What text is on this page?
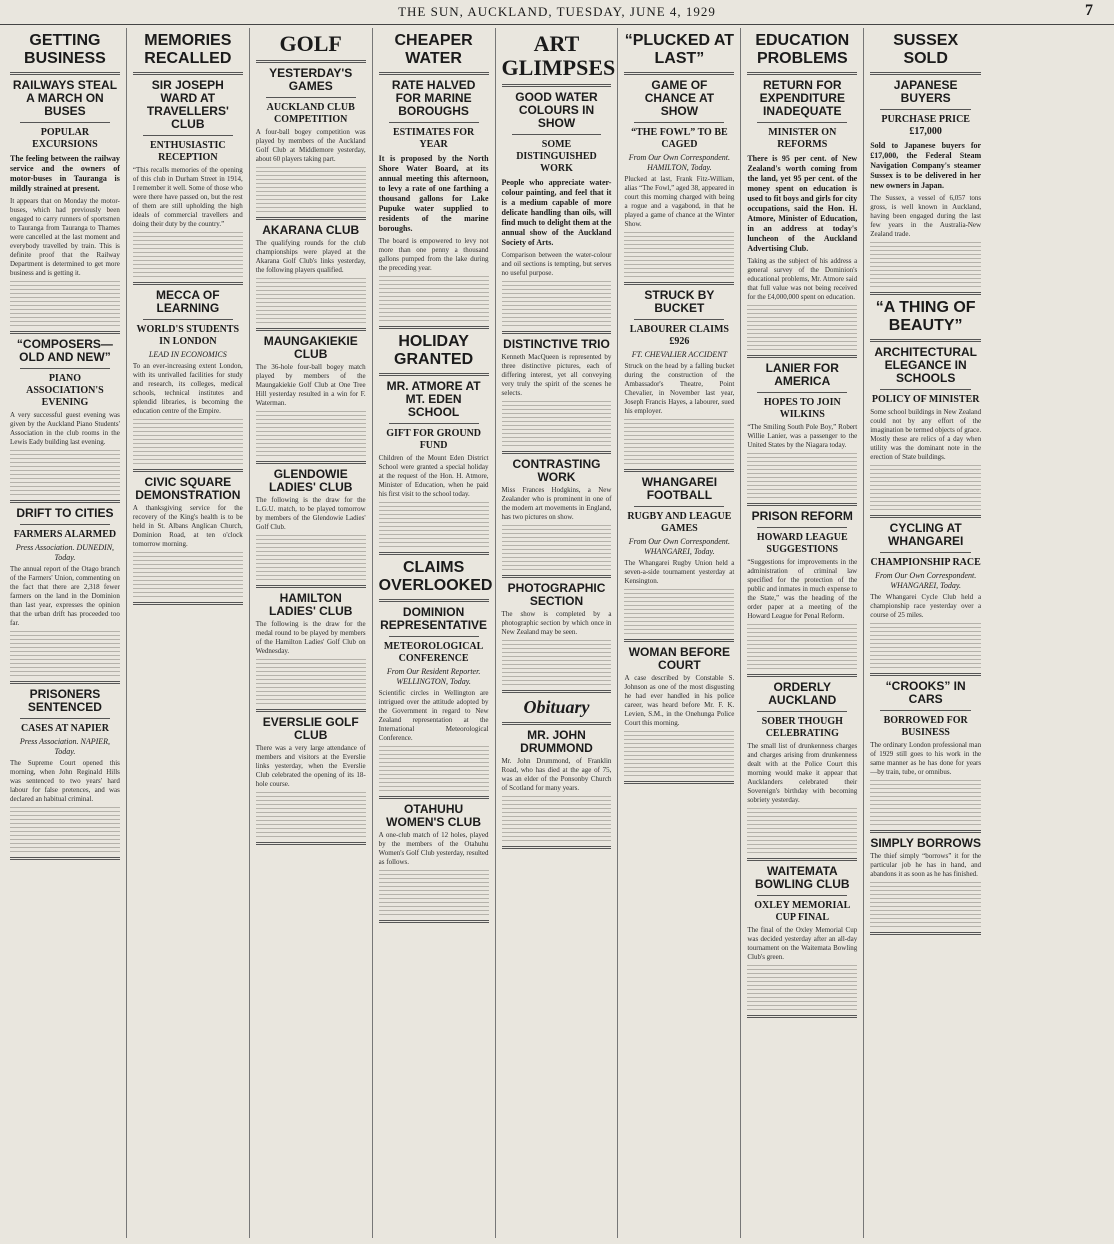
THE SUN, AUCKLAND, TUESDAY, JUNE 4, 1929	7
GETTING BUSINESS
RAILWAYS STEAL A MARCH ON BUSES
POPULAR EXCURSIONS

The feeling between the railway service and the owners of motor-buses in Tauranga is mildly strained at present.

It appears that on Monday the motor-buses, which had previously been engaged to carry runners of sportsmen to Tauranga from Tauranga to Thames were cancelled at the last moment and everybody travelled by train. This is definite proof that the Railway Department is determined to get more business and is getting it.

“COMPOSERS—OLD AND NEW”
PIANO ASSOCIATION'S EVENING

A very successful guest evening was given by the Auckland Piano Students' Association in the club rooms in the Lewis Eady building last evening.

DRIFT TO CITIES
FARMERS ALARMED
Press Association. DUNEDIN, Today.

The annual report of the Otago branch of the Farmers' Union, commenting on the fact that there are 2,318 fewer farmers on the land in the Dominion than last year, expresses the opinion that the urban drift has proceeded too far.

PRISONERS SENTENCED
CASES AT NAPIER
Press Association. NAPIER, Today.

The Supreme Court opened this morning, when John Reginald Hills was sentenced to two years' hard labour for false pretences, and was declared an habitual criminal.

MEMORIES RECALLED
SIR JOSEPH WARD AT TRAVELLERS' CLUB
ENTHUSIASTIC RECEPTION

“This recalls memories of the opening of this club in Durham Street in 1914, I remember it well. Some of those who were there have passed on, but the rest of them are still upholding the high ideals of commercial travellers and doing their duty by the country.”

MECCA OF LEARNING
WORLD'S STUDENTS IN LONDON
LEAD IN ECONOMICS

To an ever-increasing extent London, with its unrivalled facilities for study and research, its colleges, medical schools, technical institutes and splendid libraries, is becoming the education centre of the Empire.

CIVIC SQUARE DEMONSTRATION

A thanksgiving service for the recovery of the King's health is to be held in St. Albans Anglican Church, Dominion Road, at ten o'clock tomorrow morning.

GOLF
YESTERDAY'S GAMES
AUCKLAND CLUB COMPETITION

A four-ball bogey competition was played by members of the Auckland Golf Club at Middlemore yesterday, about 60 players taking part.

AKARANA CLUB

The qualifying rounds for the club championships were played at the Akarana Golf Club's links yesterday, the following players qualified.

MAUNGAKIEKIE CLUB

The 36-hole four-ball bogey match played by members of the Maungakiekie Golf Club at One Tree Hill yesterday resulted in a win for F. Waterman.

GLENDOWIE LADIES' CLUB

The following is the draw for the L.G.U. match, to be played tomorrow by members of the Glendowie Ladies' Golf Club.

HAMILTON LADIES' CLUB

The following is the draw for the medal round to be played by members of the Hamilton Ladies' Golf Club on Wednesday.

EVERSLIE GOLF CLUB

There was a very large attendance of members and visitors at the Everslie links yesterday, when the Everslie Club celebrated the opening of its 18-hole course.

CHEAPER WATER
RATE HALVED FOR MARINE BOROUGHS
ESTIMATES FOR YEAR

It is proposed by the North Shore Water Board, at its annual meeting this afternoon, to levy a rate of one farthing a thousand gallons for Lake Pupuke water supplied to residents of the marine boroughs.

The board is empowered to levy not more than one penny a thousand gallons pumped from the lake during the preceding year.

HOLIDAY GRANTED
MR. ATMORE AT MT. EDEN SCHOOL
GIFT FOR GROUND FUND

Children of the Mount Eden District School were granted a special holiday at the request of the Hon. H. Atmore, Minister of Education, when he paid his first visit to the school today.

CLAIMS OVERLOOKED
DOMINION REPRESENTATIVE
METEOROLOGICAL CONFERENCE
From Our Resident Reporter. WELLINGTON, Today.

Scientific circles in Wellington are intrigued over the attitude adopted by the Government in regard to New Zealand representation at the International Meteorological Conference.

OTAHUHU WOMEN'S CLUB

A one-club match of 12 holes, played by the members of the Otahuhu Women's Golf Club yesterday, resulted as follows.

ART GLIMPSES
GOOD WATER COLOURS IN SHOW
SOME DISTINGUISHED WORK

People who appreciate water-colour painting, and feel that it is a medium capable of more delicate handling than oils, will find much to delight them at the annual show of the Auckland Society of Arts.

Comparison between the water-colour and oil sections is tempting, but serves no useful purpose.

DISTINCTIVE TRIO

Kenneth MacQueen is represented by three distinctive pictures, each of differing interest, yet all conveying very truly the spirit of the scenes he selects.

CONTRASTING WORK

Miss Frances Hodgkins, a New Zealander who is prominent in one of the modern art movements in England, has two pictures on show.

PHOTOGRAPHIC SECTION

The show is completed by a photographic section by which once in New Zealand may be seen.

Obituary
MR. JOHN DRUMMOND

Mr. John Drummond, of Franklin Road, who has died at the age of 75, was an elder of the Ponsonby Church of Scotland for many years.

“PLUCKED AT LAST”
GAME OF CHANCE AT SHOW
“THE FOWL” TO BE CAGED
From Our Own Correspondent. HAMILTON, Today.

Plucked at last, Frank Fitz-William, alias “The Fowl,” aged 38, appeared in court this morning charged with being a rogue and a vagabond, in that he played a game of chance at the Winter Show.

STRUCK BY BUCKET
LABOURER CLAIMS £926
FT. CHEVALIER ACCIDENT

Struck on the head by a falling bucket during the construction of the Ambassador's Theatre, Point Chevalier, in November last year, Joseph Francis Hayes, a labourer, sued his employer.

WHANGAREI FOOTBALL
RUGBY AND LEAGUE GAMES
From Our Own Correspondent. WHANGAREI, Today.

The Whangarei Rugby Union held a seven-a-side tournament yesterday at Kensington.

WOMAN BEFORE COURT

A case described by Constable S. Johnson as one of the most disgusting he had ever handled in his police career, was heard before Mr. F. K. Levien, S.M., in the Onehunga Police Court this morning.

EDUCATION PROBLEMS
RETURN FOR EXPENDITURE INADEQUATE
MINISTER ON REFORMS

There is 95 per cent. of New Zealand's worth coming from the land, yet 95 per cent. of the money spent on education is used to fit boys and girls for city occupations, said the Hon. H. Atmore, Minister of Education, in an address at today's luncheon of the Auckland Advertising Club.

Taking as the subject of his address a general survey of the Dominion's educational problems, Mr. Atmore said that full value was not being received for the £4,000,000 spent on education.

LANIER FOR AMERICA
HOPES TO JOIN WILKINS

“The Smiling South Pole Boy,” Robert Willie Lanier, was a passenger to the United States by the Niagara today.

PRISON REFORM
HOWARD LEAGUE SUGGESTIONS

“Suggestions for improvements in the administration of criminal law specified for the protection of the public and inmates in much expense to the State,” was the heading of the order paper at a meeting of the Howard League for Penal Reform.

ORDERLY AUCKLAND
SOBER THOUGH CELEBRATING

The small list of drunkenness charges and charges arising from drunkenness dealt with at the Police Court this morning would make it appear that Aucklanders celebrated their Sovereign's birthday with becoming sobriety yesterday.

WAITEMATA BOWLING CLUB
OXLEY MEMORIAL CUP FINAL

The final of the Oxley Memorial Cup was decided yesterday after an all-day tournament on the Waitemata Bowling Club's green.

SUSSEX SOLD
JAPANESE BUYERS
PURCHASE PRICE £17,000

Sold to Japanese buyers for £17,000, the Federal Steam Navigation Company's steamer Sussex is to be delivered in her new owners in Japan.

The Sussex, a vessel of 6,057 tons gross, is well known in Auckland, having been engaged during the last few years in the Australia-New Zealand trade.

“A THING OF BEAUTY”
ARCHITECTURAL ELEGANCE IN SCHOOLS
POLICY OF MINISTER

Some school buildings in New Zealand could not by any effort of the imagination be termed objects of grace. Mostly these are relics of a day when utility was the dominant note in the erection of State buildings.

CYCLING AT WHANGAREI
CHAMPIONSHIP RACE
From Our Own Correspondent. WHANGAREI, Today.

The Whangarei Cycle Club held a championship race yesterday over a course of 25 miles.

“CROOKS” IN CARS
BORROWED FOR BUSINESS

The ordinary London professional man of 1929 still goes to his work in the same manner as he has done for years—by train, tube, or omnibus.

SIMPLY BORROWS

The thief simply “borrows” it for the particular job he has in hand, and abandons it as soon as he has finished.
